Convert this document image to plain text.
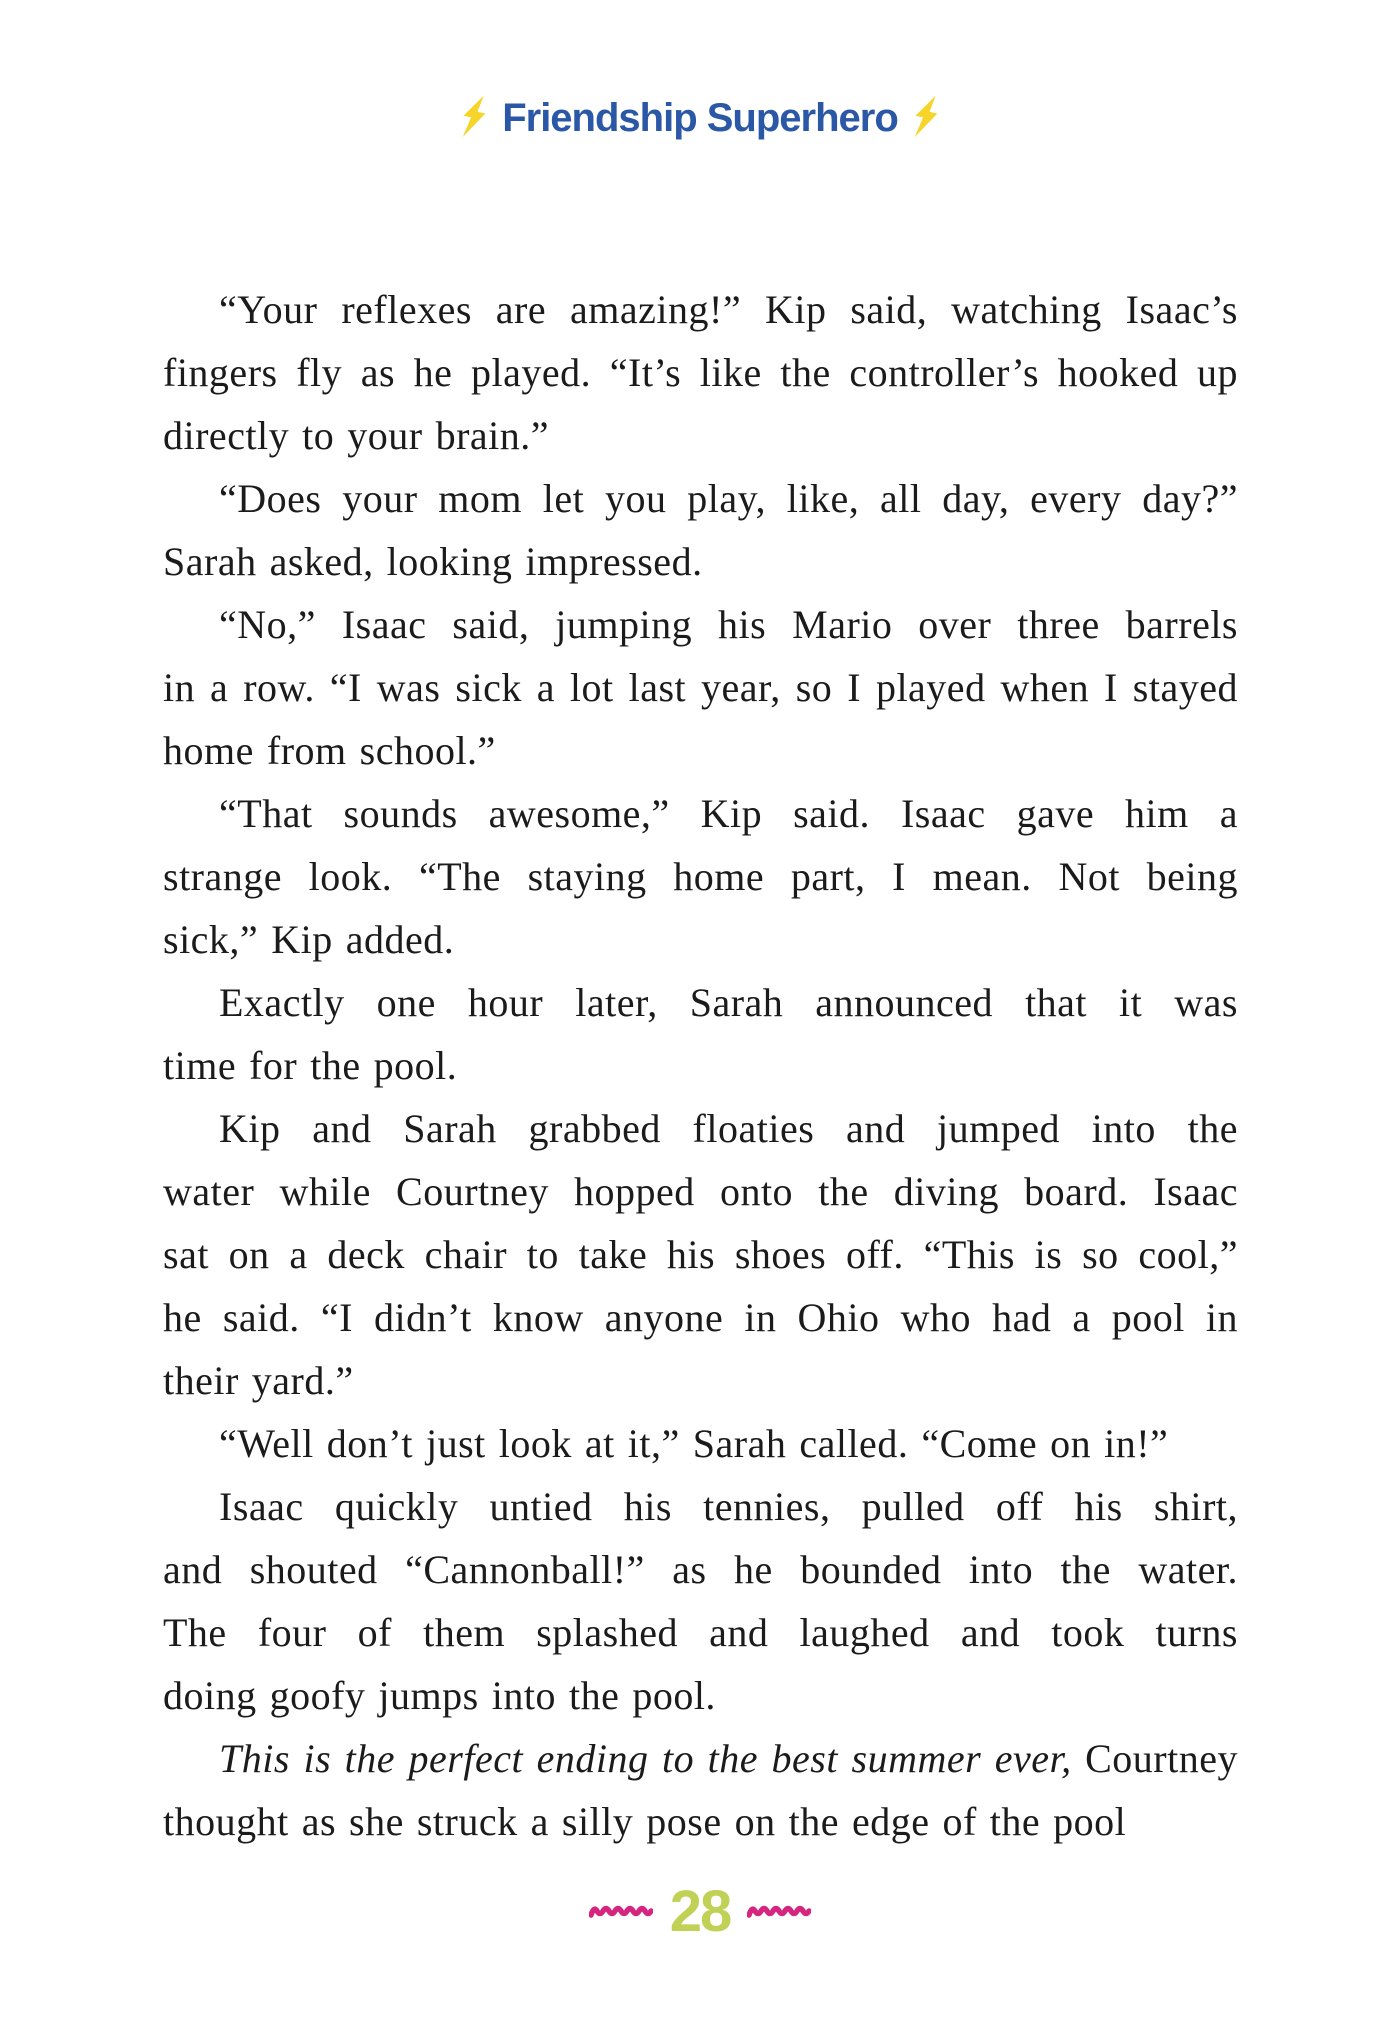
Friendship Superhero
“Your reflexes are amazing!” Kip said, watching Isaac’s
fingers fly as he played. “It’s like the controller’s hooked up
directly to your brain.”
“Does your mom let you play, like, all day, every day?”
Sarah asked, looking impressed.
“No,” Isaac said, jumping his Mario over three barrels
in a row. “I was sick a lot last year, so I played when I stayed
home from school.”
“That sounds awesome,” Kip said. Isaac gave him a
strange look. “The staying home part, I mean. Not being
sick,” Kip added.
Exactly one hour later, Sarah announced that it was
time for the pool.
Kip and Sarah grabbed floaties and jumped into the
water while Courtney hopped onto the diving board. Isaac
sat on a deck chair to take his shoes off. “This is so cool,”
he said. “I didn’t know anyone in Ohio who had a pool in
their yard.”
“Well don’t just look at it,” Sarah called. “Come on in!”
Isaac quickly untied his tennies, pulled off his shirt,
and shouted “Cannonball!” as he bounded into the water.
The four of them splashed and laughed and took turns
doing goofy jumps into the pool.
This is the perfect ending to the best summer ever, Courtney
thought as she struck a silly pose on the edge of the pool
28
